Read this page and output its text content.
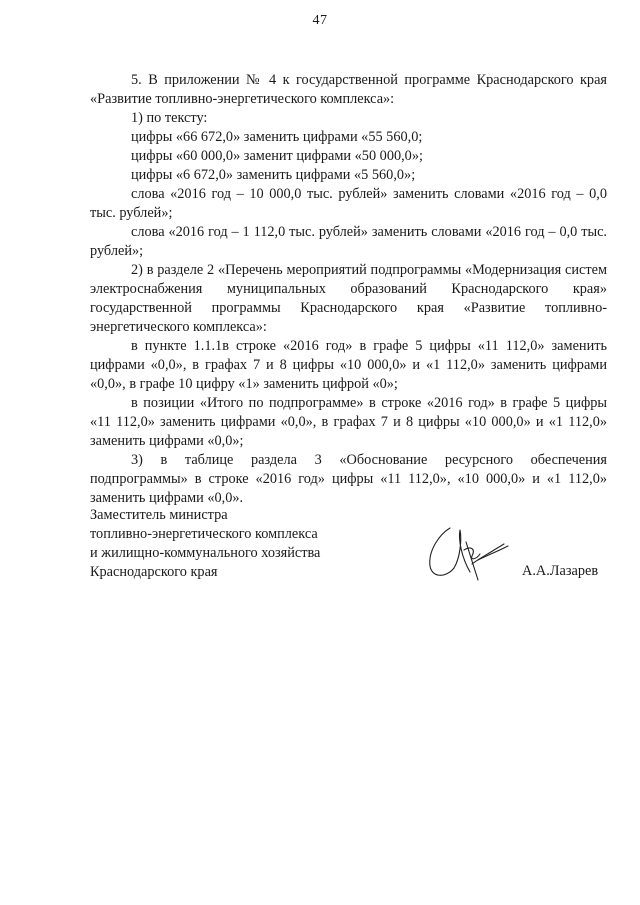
47

5. В приложении № 4 к государственной программе Краснодарского края «Развитие топливно-энергетического комплекса»:

1) по тексту:

цифры «66 672,0» заменить цифрами «55 560,0;

цифры «60 000,0» заменит цифрами «50 000,0»;

цифры «6 672,0» заменить цифрами «5 560,0»;

слова «2016 год – 10 000,0 тыс. рублей» заменить словами «2016 год – 0,0 тыс. рублей»;

слова «2016 год – 1 112,0 тыс. рублей» заменить словами «2016 год – 0,0 тыс. рублей»;

2) в разделе 2 «Перечень мероприятий подпрограммы «Модернизация систем электроснабжения муниципальных образований Краснодарского края» государственной программы Краснодарского края «Развитие топливно-энергетического комплекса»:

в пункте 1.1.1в строке «2016 год» в графе 5 цифры «11 112,0» заменить цифрами «0,0», в графах 7 и 8 цифры «10 000,0» и «1 112,0» заменить цифрами «0,0», в графе 10 цифру «1» заменить цифрой «0»;

в позиции «Итого по подпрограмме» в строке «2016 год» в графе 5 цифры «11 112,0» заменить цифрами «0,0», в графах 7 и 8 цифры «10 000,0» и «1 112,0» заменить цифрами «0,0»;

3) в таблице раздела 3 «Обоснование ресурсного обеспечения подпрограммы» в строке «2016 год» цифры «11 112,0», «10 000,0» и «1 112,0» заменить цифрами «0,0».

Заместитель министра
топливно-энергетического комплекса
и жилищно-коммунального хозяйства
Краснодарского края	А.А.Лазарев
